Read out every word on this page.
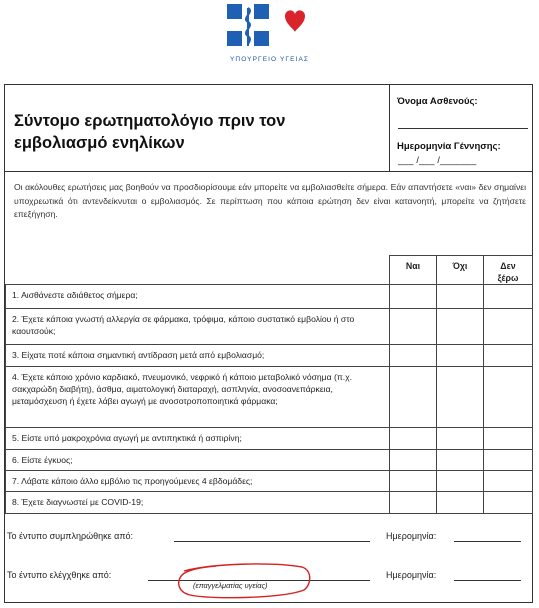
ΥΠΟΥΡΓΕΙΟ ΥΓΕΙΑΣ
Σύντομο ερωτηματολόγιο πριν τον
εμβολιασμό ενηλίκων
Όνομα Ασθενούς:
Ημερομηνία Γέννησης:
___ /___ /_______
Οι ακόλουθες ερωτήσεις μας βοηθούν να προσδιορίσουμε εάν μπορείτε να εμβολιασθείτε σήμερα. Εάν απαντήσετε «ναι» δεν σημαίνει υποχρεωτικά ότι αντενδείκνυται ο εμβολιασμός. Σε περίπτωση που κάποια ερώτηση δεν είναι κατανοητή, μπορείτε να ζητήσετε επεξήγηση.
	Ναι	Όχι	Δεν ξέρω
1. Αισθάνεστε αδιάθετος σήμερα;			
2. Έχετε κάποια γνωστή αλλεργία σε φάρμακα, τρόφιμα, κάποιο συστατικό εμβολίου ή στο καουτσούκ;			
3. Είχατε ποτέ κάποια σημαντική αντίδραση μετά από εμβολιασμό;			
4. Έχετε κάποιο χρόνιο καρδιακό, πνευμονικό, νεφρικό ή κάποιο μεταβολικό νόσημα (π.χ. σακχαρώδη διαβήτη), άσθμα, αιματολογική διαταραχή, ασπληνία, ανοσοανεπάρκεια, μεταμόσχευση ή έχετε λάβει αγωγή με ανοσοτροποποιητικά φάρμακα;			
5. Είστε υπό μακροχρόνια αγωγή με αντιπηκτικά ή ασπιρίνη;			
6. Είστε έγκυος;			
7. Λάβατε κάποιο άλλο εμβόλιο τις προηγούμενες 4 εβδομάδες;			
8. Έχετε διαγνωστεί με COVID-19;			
Το έντυπο συμπληρώθηκε από:	Ημερομηνία:
Το έντυπο ελέγχθηκε από:	Ημερομηνία:
(επαγγελματίας υγείας)
